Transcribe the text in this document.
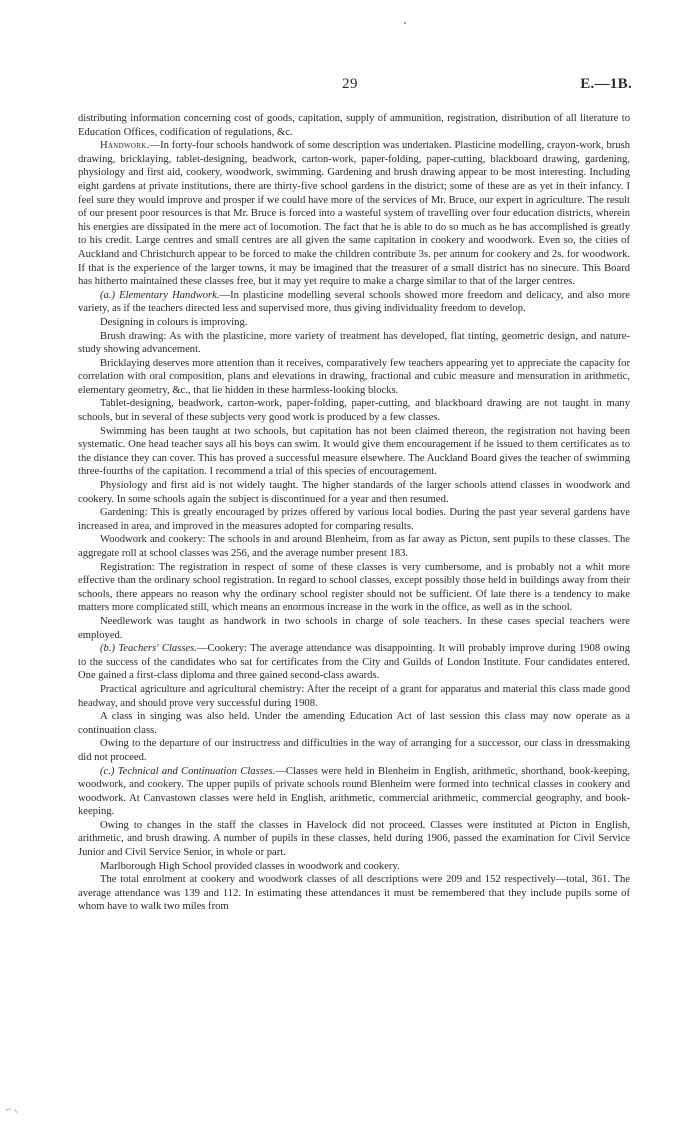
29	E.—1B.

distributing information concerning cost of goods, capitation, supply of ammunition, registration, distribution of all literature to Education Offices, codification of regulations, &c.

Handwork.—In forty-four schools handwork of some description was undertaken. Plasticine modelling, crayon-work, brush drawing, bricklaying, tablet-designing, beadwork, carton-work, paper-folding, paper-cutting, blackboard drawing, gardening, physiology and first aid, cookery, woodwork, swimming. Gardening and brush drawing appear to be most interesting. Including eight gardens at private institutions, there are thirty-five school gardens in the district; some of these are as yet in their infancy. I feel sure they would improve and prosper if we could have more of the services of Mr. Bruce, our expert in agriculture. The result of our present poor resources is that Mr. Bruce is forced into a wasteful system of travelling over four education districts, wherein his energies are dissipated in the mere act of locomotion. The fact that he is able to do so much as he has accomplished is greatly to his credit. Large centres and small centres are all given the same capitation in cookery and woodwork. Even so, the cities of Auckland and Christchurch appear to be forced to make the children contribute 3s. per annum for cookery and 2s. for woodwork. If that is the experience of the larger towns, it may be imagined that the treasurer of a small district has no sinecure. This Board has hitherto maintained these classes free, but it may yet require to make a charge similar to that of the larger centres.

(a.) Elementary Handwork.—In plasticine modelling several schools showed more freedom and delicacy, and also more variety, as if the teachers directed less and supervised more, thus giving individuality freedom to develop.

Designing in colours is improving.

Brush drawing: As with the plasticine, more variety of treatment has developed, flat tinting, geometric design, and nature-study showing advancement.

Bricklaying deserves more attention than it receives, comparatively few teachers appearing yet to appreciate the capacity for correlation with oral composition, plans and elevations in drawing, fractional and cubic measure and mensuration in arithmetic, elementary geometry, &c., that lie hidden in these harmless-looking blocks.

Tablet-designing, beadwork, carton-work, paper-folding, paper-cutting, and blackboard drawing are not taught in many schools, but in several of these subjects very good work is produced by a few classes.

Swimming has been taught at two schools, but capitation has not been claimed thereon, the registration not having been systematic. One head teacher says all his boys can swim. It would give them encouragement if he issued to them certificates as to the distance they can cover. This has proved a successful measure elsewhere. The Auckland Board gives the teacher of swimming three-fourths of the capitation. I recommend a trial of this species of encouragement.

Physiology and first aid is not widely taught. The higher standards of the larger schools attend classes in woodwork and cookery. In some schools again the subject is discontinued for a year and then resumed.

Gardening: This is greatly encouraged by prizes offered by various local bodies. During the past year several gardens have increased in area, and improved in the measures adopted for comparing results.

Woodwork and cookery: The schools in and around Blenheim, from as far away as Picton, sent pupils to these classes. The aggregate roll at school classes was 256, and the average number present 183.

Registration: The registration in respect of some of these classes is very cumbersome, and is probably not a whit more effective than the ordinary school registration. In regard to school classes, except possibly those held in buildings away from their schools, there appears no reason why the ordinary school register should not be sufficient. Of late there is a tendency to make matters more complicated still, which means an enormous increase in the work in the office, as well as in the school.

Needlework was taught as handwork in two schools in charge of sole teachers. In these cases special teachers were employed.

(b.) Teachers' Classes.—Cookery: The average attendance was disappointing. It will probably improve during 1908 owing to the success of the candidates who sat for certificates from the City and Guilds of London Institute. Four candidates entered. One gained a first-class diploma and three gained second-class awards.

Practical agriculture and agricultural chemistry: After the receipt of a grant for apparatus and material this class made good headway, and should prove very successful during 1908.

A class in singing was also held. Under the amending Education Act of last session this class may now operate as a continuation class.

Owing to the departure of our instructress and difficulties in the way of arranging for a successor, our class in dressmaking did not proceed.

(c.) Technical and Continuation Classes.—Classes were held in Blenheim in English, arithmetic, shorthand, book-keeping, woodwork, and cookery. The upper pupils of private schools round Blenheim were formed into technical classes in cookery and woodwork. At Canvastown classes were held in English, arithmetic, commercial arithmetic, commercial geography, and book-keeping.

Owing to changes in the staff the classes in Havelock did not proceed. Classes were instituted at Picton in English, arithmetic, and brush drawing. A number of pupils in these classes, held during 1906, passed the examination for Civil Service Junior and Civil Service Senior, in whole or part.

Marlborough High School provided classes in woodwork and cookery.

The total enrolment at cookery and woodwork classes of all descriptions were 209 and 152 respectively—total, 361. The average attendance was 139 and 112. In estimating these attendances it must be remembered that they include pupils some of whom have to walk two miles from

⌐ ⸜
